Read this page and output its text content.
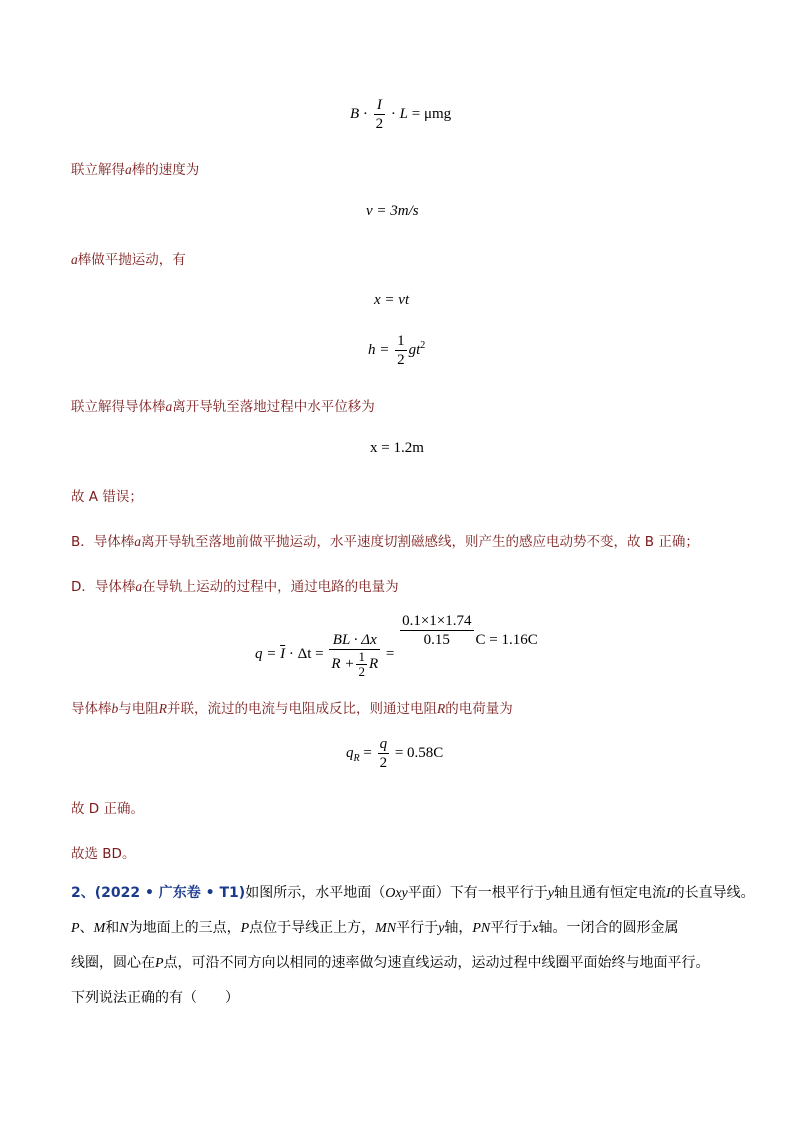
$B \cdot \frac{I}{2} \cdot L = \mu mg$
联立解得a棒的速度为
v = 3m/s
a棒做平抛运动，有
x = vt
$h = \frac{1}{2} gt^2$
联立解得导体棒a离开导轨至落地过程中水平位移为
x = 1.2m
故 A 错误；
B．导体棒a离开导轨至落地前做平抛运动，水平速度切割磁感线，则产生的感应电动势不变，故 B 正确；
D．导体棒a在导轨上运动的过程中，通过电路的电量为
$q = \overline{I} \cdot \Delta t = \frac{BL \cdot \Delta x}{R + \frac{1}{2} R}$ =
$\frac{0.1\times 1\times 1.74}{0.15}$ C = 1.16C
导体棒b与电阻R并联，流过的电流与电阻成反比，则通过电阻R的电荷量为
$q_R = \frac{q}{2} = 0.58C$
故 D 正确。
故选 BD。
2、(2022 • 广东卷 • T1)如图所示，水平地面（Oxy平面）下有一根平行于y轴且通有恒定电流I的长直导线。
P、M和N为地面上的三点，P点位于导线正上方，MN平行于y轴，PN平行于x轴。一闭合的圆形金属
线圈，圆心在P点，可沿不同方向以相同的速率做匀速直线运动，运动过程中线圈平面始终与地面平行。
下列说法正确的有（　　）
